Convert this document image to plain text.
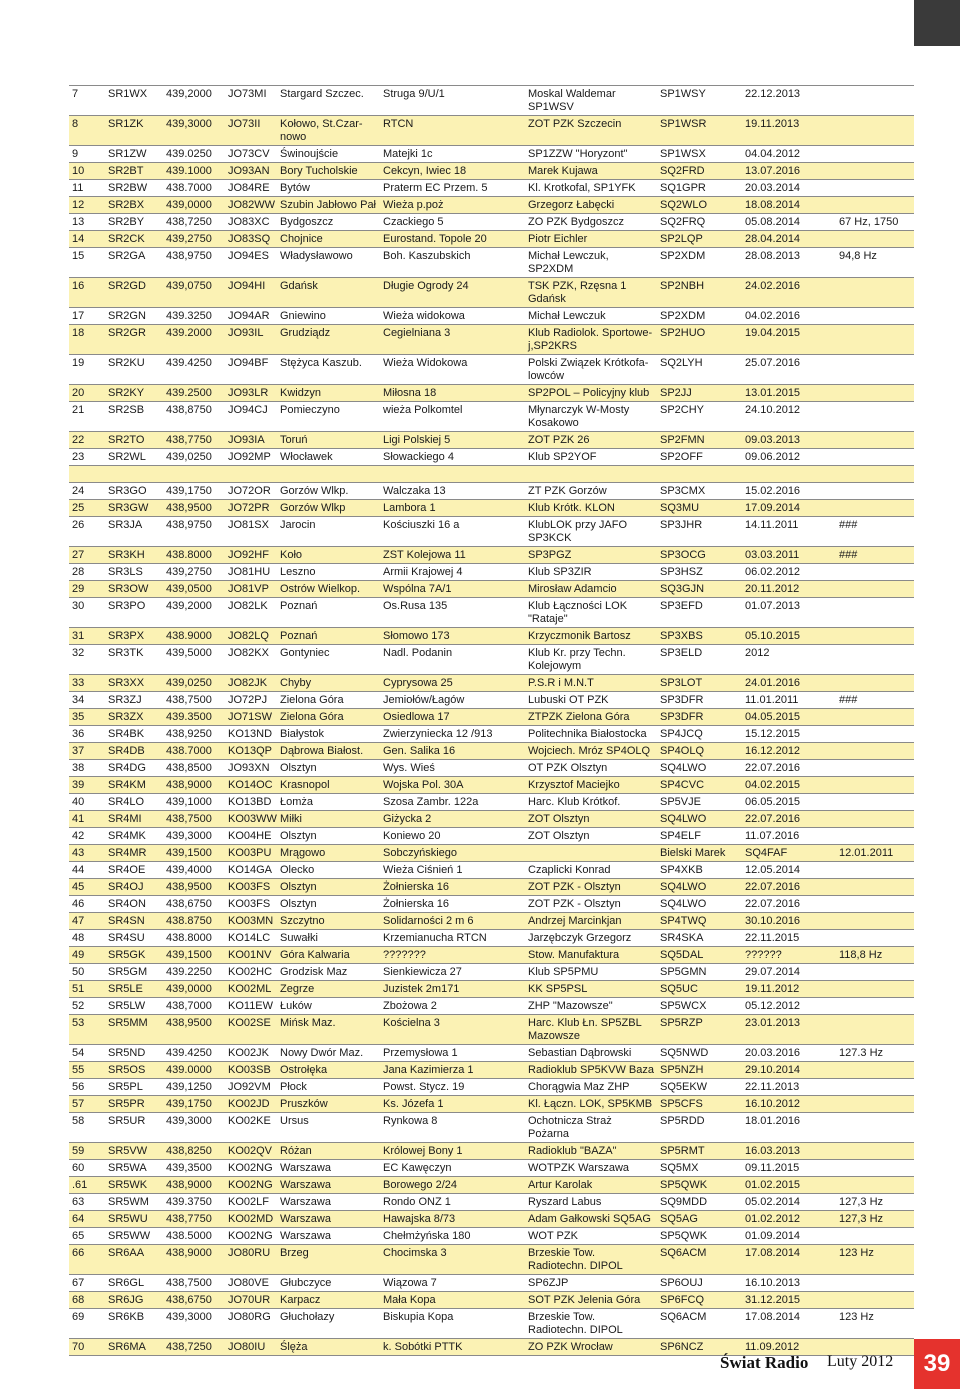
7	SR1WX	439,2000	JO73MI	Stargard Szczec.	Struga 9/U/1	Moskal Waldemar SP1WSV	SP1WSY	22.12.2013	
8	SR1ZK	439,3000	JO73II	Kołowo, St.Czar-nowo	RTCN	ZOT PZK Szczecin	SP1WSR	19.11.2013	
9	SR1ZW	439.0250	JO73CV	Świnoujście	Matejki 1c	SP1ZZW "Horyzont"	SP1WSX	04.04.2012	
10	SR2BT	439.1000	JO93AN	Bory Tucholskie	Cekcyn, Iwiec 18	Marek Kujawa	SQ2FRD	13.07.2016	
11	SR2BW	438.7000	JO84RE	Bytów	Praterm EC Przem. 5	Kl. Krotkofal, SP1YFK	SQ1GPR	20.03.2014	
12	SR2BX	439,0000	JO82WW	Szubin Jabłowo Pał	Wieża p.poż	Grzegorz Łabęcki	SQ2WLO	18.08.2014	
13	SR2BY	438,7250	JO83XC	Bydgoszcz	Czackiego 5	ZO PZK Bydgoszcz	SQ2FRQ	05.08.2014	67 Hz, 1750
14	SR2CK	439,2750	JO83SQ	Chojnice	Eurostand. Topole 20	Piotr Eichler	SP2LQP	28.04.2014	
15	SR2GA	438,9750	JO94ES	Władysławowo	Boh. Kaszubskich	Michał Lewczuk, SP2XDM	SP2XDM	28.08.2013	94,8 Hz
16	SR2GD	439,0750	JO94HI	Gdańsk	Długie Ogrody 24	TSK PZK, Rzęsna 1 Gdańsk	SP2NBH	24.02.2016	
17	SR2GN	439.3250	JO94AR	Gniewino	Wieża widokowa	Michał Lewczuk	SP2XDM	04.02.2016	
18	SR2GR	439.2000	JO93IL	Grudziądz	Cegielniana 3	Klub Radiolok. Sportowe-j,SP2KRS	SP2HUO	19.04.2015	
19	SR2KU	439.4250	JO94BF	Stężyca Kaszub.	Wieża Widokowa	Polski Związek Krótkofa-lowców	SQ2LYH	25.07.2016	
20	SR2KY	439.2500	JO93LR	Kwidzyn	Miłosna 18	SP2POL – Policyjny klub	SP2JJ	13.01.2015	
21	SR2SB	438,8750	JO94CJ	Pomieczyno	wieża Polkomtel	Młynarczyk W-Mosty Kosakowo	SP2CHY	24.10.2012	
22	SR2TO	438,7750	JO93IA	Toruń	Ligi Polskiej 5	ZOT PZK 26	SP2FMN	09.03.2013	
23	SR2WL	439,0250	JO92MP	Włocławek	Słowackiego 4	Klub SP2YOF	SP2OFF	09.06.2012	

24	SR3GO	439,1750	JO72OR	Gorzów Wlkp.	Walczaka 13	ZT PZK Gorzów	SP3CMX	15.02.2016	
25	SR3GW	438,9500	JO72PR	Gorzów Wlkp	Lambora 1	Klub Krótk. KLON	SQ3MU	17.09.2014	
26	SR3JA	438,9750	JO81SX	Jarocin	Kościuszki 16 a	KlubLOK przy JAFO SP3KCK	SP3JHR	14.11.2011	###
27	SR3KH	438.8000	JO92HF	Koło	ZST Kolejowa 11	SP3PGZ	SP3OCG	03.03.2011	###
28	SR3LS	439,2750	JO81HU	Leszno	Armii Krajowej 4	Klub SP3ZIR	SP3HSZ	06.02.2012	
29	SR3OW	439,0500	JO81VP	Ostrów Wielkop.	Wspólna 7A/1	Mirosław Adamcio	SQ3GJN	20.11.2012	
30	SR3PO	439,2000	JO82LK	Poznań	Os.Rusa 135	Klub Łączności LOK "Rataje"	SP3EFD	01.07.2013	
31	SR3PX	438.9000	JO82LQ	Poznań	Słomowo 173	Krzyczmonik Bartosz	SP3XBS	05.10.2015	
32	SR3TK	439,5000	JO82KX	Gontyniec	Nadl. Podanin	Klub Kr. przy Techn. Kolejowym	SP3ELD	2012	
33	SR3XX	439,0250	JO82JK	Chyby	Cyprysowa 25	P.S.R i M.N.T	SP3LOT	24.01.2016	
34	SR3ZJ	438,7500	JO72PJ	Zielona Góra	Jemiołów/Łagów	Lubuski OT PZK	SP3DFR	11.01.2011	###
35	SR3ZX	439.3500	JO71SW	Zielona Góra	Osiedlowa 17	ZTPZK Zielona Góra	SP3DFR	04.05.2015	
36	SR4BK	438,9250	KO13ND	Białystok	Zwierzyniecka 12 /913	Politechnika Białostocka	SP4JCQ	15.12.2015	
37	SR4DB	438.7000	KO13QP	Dąbrowa Białost.	Gen. Salika 16	Wojciech. Mróz SP4OLQ	SP4OLQ	16.12.2012	
38	SR4DG	438,8500	JO93XN	Olsztyn	Wys. Wieś	OT PZK Olsztyn	SQ4LWO	22.07.2016	
39	SR4KM	438,9000	KO14OC	Krasnopol	Wojska Pol. 30A	Krzysztof Maciejko	SP4CVC	04.02.2015	
40	SR4LO	439,1000	KO13BD	Łomża	Szosa Zambr. 122a	Harc. Klub Krótkof.	SP5VJE	06.05.2015	
41	SR4MI	438,7500	KO03WW	Miłki	Giżycka 2	ZOT Olsztyn	SQ4LWO	22.07.2016	
42	SR4MK	439,3000	KO04HE	Olsztyn	Koniewo 20	ZOT Olsztyn	SP4ELF	11.07.2016	
43	SR4MR	439,1500	KO03PU	Mrągowo	Sobczyńskiego		Bielski Marek	SQ4FAF	12.01.2011
44	SR4OE	439,4000	KO14GA	Olecko	Wieża Ciśnień 1	Czaplicki Konrad	SP4XKB	12.05.2014	
45	SR4OJ	438,9500	KO03FS	Olsztyn	Żołnierska 16	ZOT PZK - Olsztyn	SQ4LWO	22.07.2016	
46	SR4ON	438,6750	KO03FS	Olsztyn	Żołnierska 16	ZOT PZK - Olsztyn	SQ4LWO	22.07.2016	
47	SR4SN	438.8750	KO03MN	Szczytno	Solidarności 2 m 6	Andrzej Marcinkjan	SP4TWQ	30.10.2016	
48	SR4SU	438.8000	KO14LC	Suwałki	Krzemianucha RTCN	Jarzębczyk Grzegorz	SR4SKA	22.11.2015	
49	SR5GK	439,1500	KO01NV	Góra Kalwaria	???????	Stow. Manufaktura	SQ5DAL	??????	118,8 Hz
50	SR5GM	439.2250	KO02HC	Grodzisk Maz	Sienkiewicza 27	Klub SP5PMU	SP5GMN	29.07.2014	
51	SR5LE	439,0000	KO02ML	Zegrze	Juzistek 2m171	KK SP5PSL	SQ5UC	19.11.2012	
52	SR5LW	438,7000	KO11EW	Łuków	Zbożowa 2	ZHP "Mazowsze"	SP5WCX	05.12.2012	
53	SR5MM	438,9500	KO02SE	Mińsk Maz.	Kościelna 3	Harc. Klub Łn. SP5ZBL Mazowsze	SP5RZP	23.01.2013	
54	SR5ND	439.4250	KO02JK	Nowy Dwór Maz.	Przemysłowa 1	Sebastian Dąbrowski	SQ5NWD	20.03.2016	127.3 Hz
55	SR5OS	439.0000	KO03SB	Ostrołęka	Jana Kazimierza 1	Radioklub SP5KVW Baza	SP5NZH	29.10.2014	
56	SR5PL	439,1250	JO92VM	Płock	Powst. Stycz. 19	Chorągwia Maz ZHP	SQ5EKW	22.11.2013	
57	SR5PR	439,1750	KO02JD	Pruszków	Ks. Józefa 1	Kl. Łączn. LOK, SP5KMB	SP5CFS	16.10.2012	
58	SR5UR	439,3000	KO02KE	Ursus	Rynkowa 8	Ochotnicza Straż Pożarna	SP5RDD	18.01.2016	
59	SR5VW	438,8250	KO02QV	Różan	Królowej Bony 1	Radioklub "BAZA"	SP5RMT	16.03.2013	
60	SR5WA	439,3500	KO02NG	Warszawa	EC Kawęczyn	WOTPZK Warszawa	SQ5MX	09.11.2015	
.61	SR5WK	438,9000	KO02NG	Warszawa	Borowego 2/24	Artur Karolak	SP5QWK	01.02.2015	
63	SR5WM	439.3750	KO02LF	Warszawa	Rondo ONZ 1	Ryszard Labus	SQ9MDD	05.02.2014	127,3 Hz
64	SR5WU	438,7750	KO02MD	Warszawa	Hawajska 8/73	Adam Gałkowski SQ5AG	SQ5AG	01.02.2012	127,3 Hz
65	SR5WW	438.5000	KO02NG	Warszawa	Chełmżyńska 180	WOT PZK	SP5QWK	01.09.2014	
66	SR6AA	438,9000	JO80RU	Brzeg	Chocimska 3	Brzeskie Tow. Radiotechn. DIPOL	SQ6ACM	17.08.2014	123 Hz
67	SR6GL	438,7500	JO80VE	Głubczyce	Wiązowa 7	SP6ZJP	SP6OUJ	16.10.2013	
68	SR6JG	438,6750	JO70UR	Karpacz	Mała Kopa	SOT PZK Jelenia Góra	SP6FCQ	31.12.2015	
69	SR6KB	439,3000	JO80RG	Głuchołazy	Biskupia Kopa	Brzeskie Tow. Radiotechn. DIPOL	SQ6ACM	17.08.2014	123 Hz
70	SR6MA	438,7250	JO80IU	Ślęża	k. Sobótki PTTK	ZO PZK Wrocław	SP6NCZ	11.09.2012	
Świat Radio Luty 2012	39
